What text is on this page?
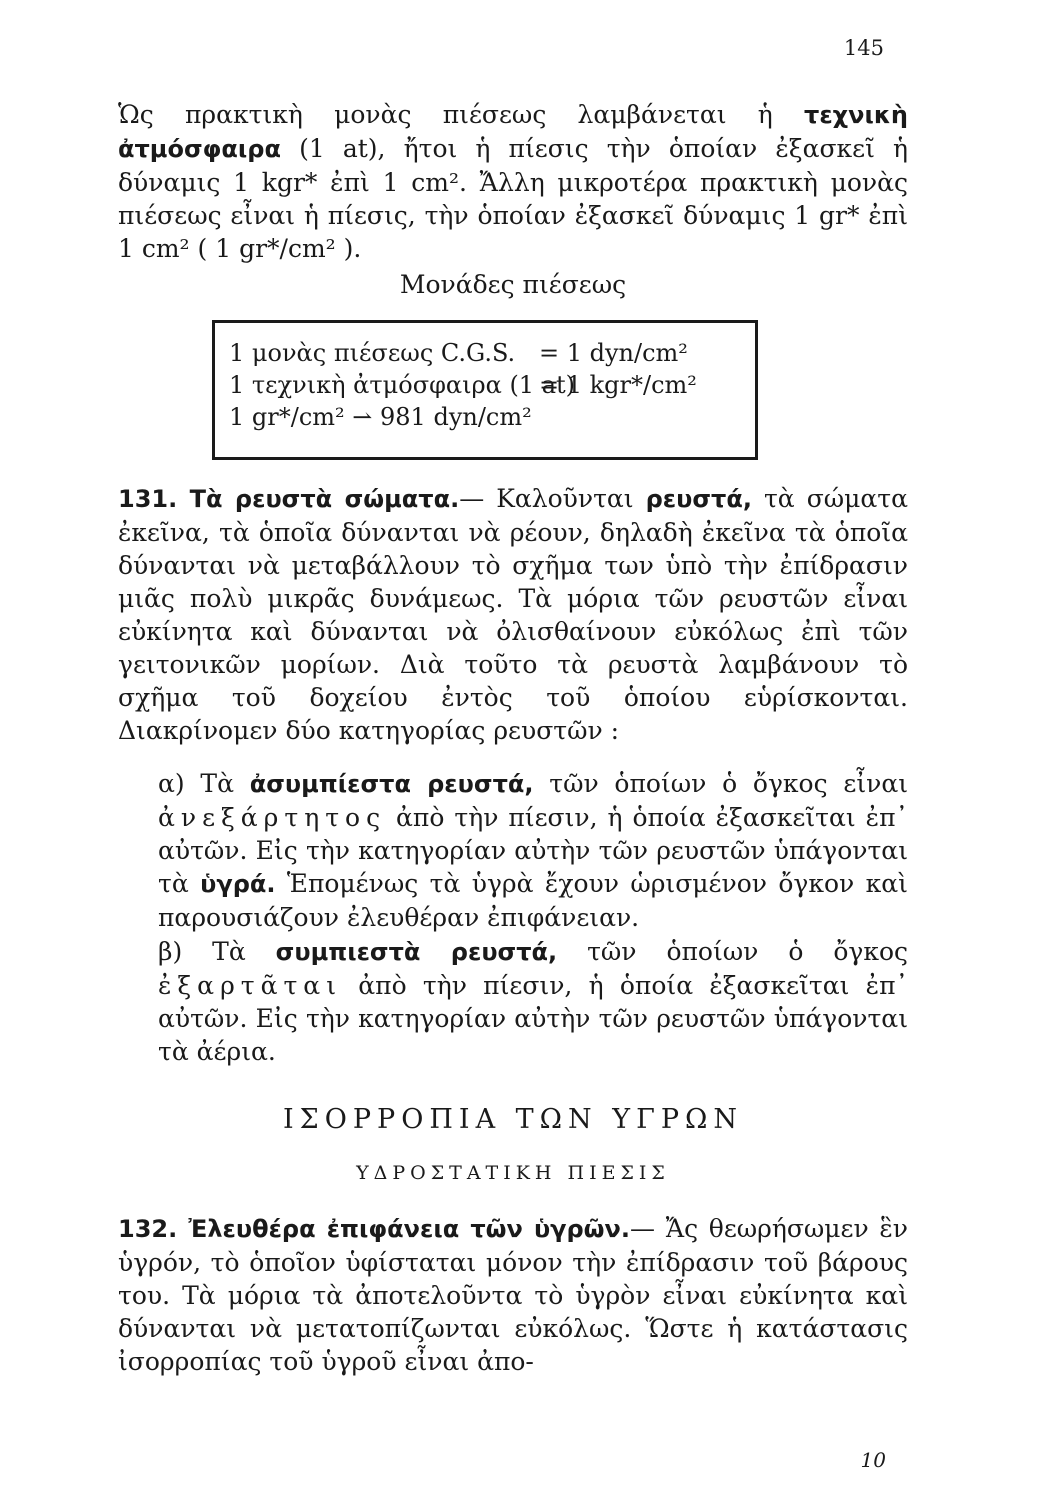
145

Ὡς πρακτικὴ μονὰς πιέσεως λαμβάνεται ἡ τεχνικὴ ἀτμόσφαιρα (1 at), ἤτοι ἡ πίεσις τὴν ὁποίαν ἐξασκεῖ ἡ δύναμις 1 kgr* ἐπὶ 1 cm². Ἄλλη μικροτέρα πρακτικὴ μονὰς πιέσεως εἶναι ἡ πίεσις, τὴν ὁποίαν ἐξασκεῖ δύναμις 1 gr* ἐπὶ 1 cm² ( 1 gr*/cm² ).

Μονάδες πιέσεως

1 μονὰς πιέσεως C.G.S. = 1 dyn/cm²
1 τεχνικὴ ἀτμόσφαιρα (1 at)= 1 kgr*/cm²
1 gr*/cm² ⇀ 981 dyn/cm²

131. Τὰ ρευστὰ σώματα.— Καλοῦνται ρευστά, τὰ σώματα ἐκεῖνα, τὰ ὁποῖα δύνανται νὰ ρέουν, δηλαδὴ ἐκεῖνα τὰ ὁποῖα δύνανται νὰ μεταβάλλουν τὸ σχῆμα των ὑπὸ τὴν ἐπίδρασιν μιᾶς πολὺ μικρᾶς δυνάμεως. Τὰ μόρια τῶν ρευστῶν εἶναι εὐκίνητα καὶ δύνανται νὰ ὀλισθαίνουν εὐκόλως ἐπὶ τῶν γειτονικῶν μορίων. Διὰ τοῦτο τὰ ρευστὰ λαμβάνουν τὸ σχῆμα τοῦ δοχείου ἐντὸς τοῦ ὁποίου εὑρίσκονται. Διακρίνομεν δύο κατηγορίας ρευστῶν :

α) Τὰ ἀσυμπίεστα ρευστά, τῶν ὁποίων ὁ ὄγκος εἶναι ἀνεξάρτητος ἀπὸ τὴν πίεσιν, ἡ ὁποία ἐξασκεῖται ἐπ᾽ αὐτῶν. Εἰς τὴν κατηγορίαν αὐτὴν τῶν ρευστῶν ὑπάγονται τὰ ὑγρά. Ἑπομένως τὰ ὑγρὰ ἔχουν ὡρισμένον ὄγκον καὶ παρουσιάζουν ἐλευθέραν ἐπιφάνειαν.

β) Τὰ συμπιεστὰ ρευστά, τῶν ὁποίων ὁ ὄγκος ἐξαρτᾶται ἀπὸ τὴν πίεσιν, ἡ ὁποία ἐξασκεῖται ἐπ᾽ αὐτῶν. Εἰς τὴν κατηγορίαν αὐτὴν τῶν ρευστῶν ὑπάγονται τὰ ἀέρια.

ΙΣΟΡΡΟΠΙΑ ΤΩΝ ΥΓΡΩΝ

ΥΔΡΟΣΤΑΤΙΚΗ ΠΙΕΣΙΣ

132. Ἐλευθέρα ἐπιφάνεια τῶν ὑγρῶν.— Ἄς θεωρήσωμεν ἓν ὑγρόν, τὸ ὁποῖον ὑφίσταται μόνον τὴν ἐπίδρασιν τοῦ βάρους του. Τὰ μόρια τὰ ἀποτελοῦντα τὸ ὑγρὸν εἶναι εὐκίνητα καὶ δύνανται νὰ μετατοπίζωνται εὐκόλως. Ὥστε ἡ κατάστασις ἰσορροπίας τοῦ ὑγροῦ εἶναι ἀπο-

10
